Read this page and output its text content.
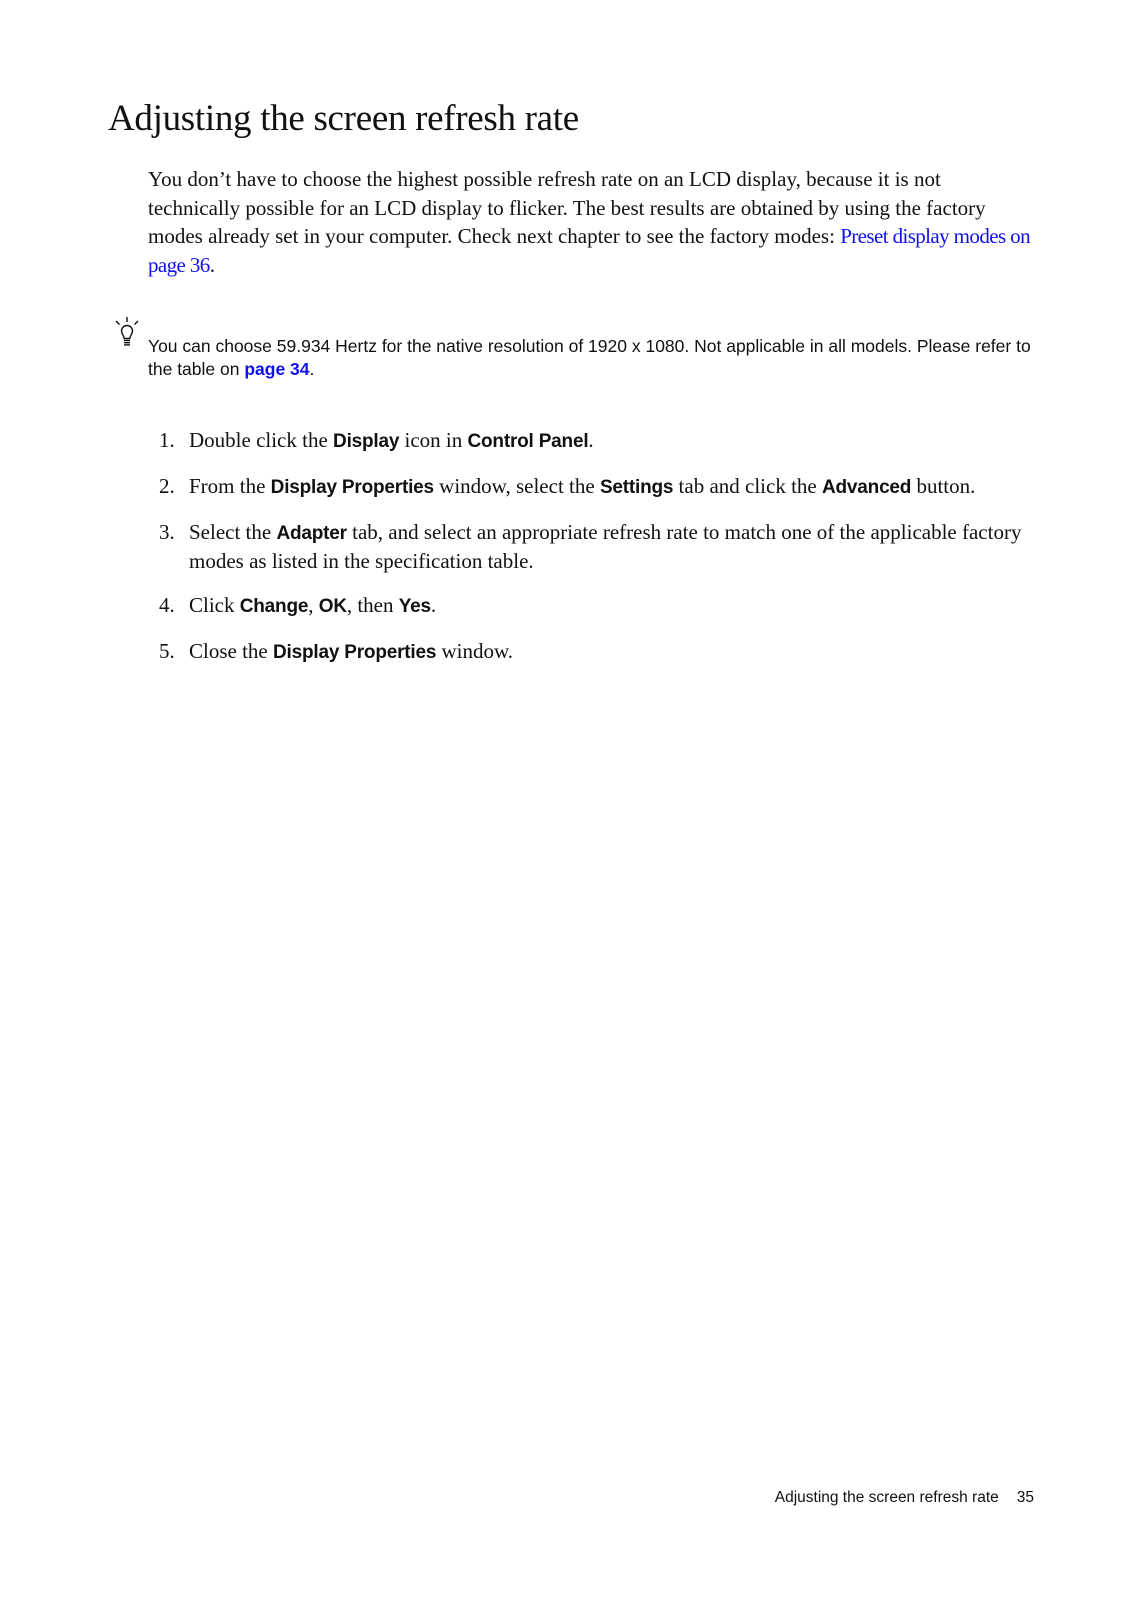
Adjusting the screen refresh rate

You don’t have to choose the highest possible refresh rate on an LCD display, because it is not technically possible for an LCD display to flicker. The best results are obtained by using the factory modes already set in your computer. Check next chapter to see the factory modes: Preset display modes on page 36.

You can choose 59.934 Hertz for the native resolution of 1920 x 1080. Not applicable in all models. Please refer to the table on page 34.

1. Double click the Display icon in Control Panel.
2. From the Display Properties window, select the Settings tab and click the Advanced button.
3. Select the Adapter tab, and select an appropriate refresh rate to match one of the applicable factory modes as listed in the specification table.
4. Click Change, OK, then Yes.
5. Close the Display Properties window.
Adjusting the screen refresh rate 35
